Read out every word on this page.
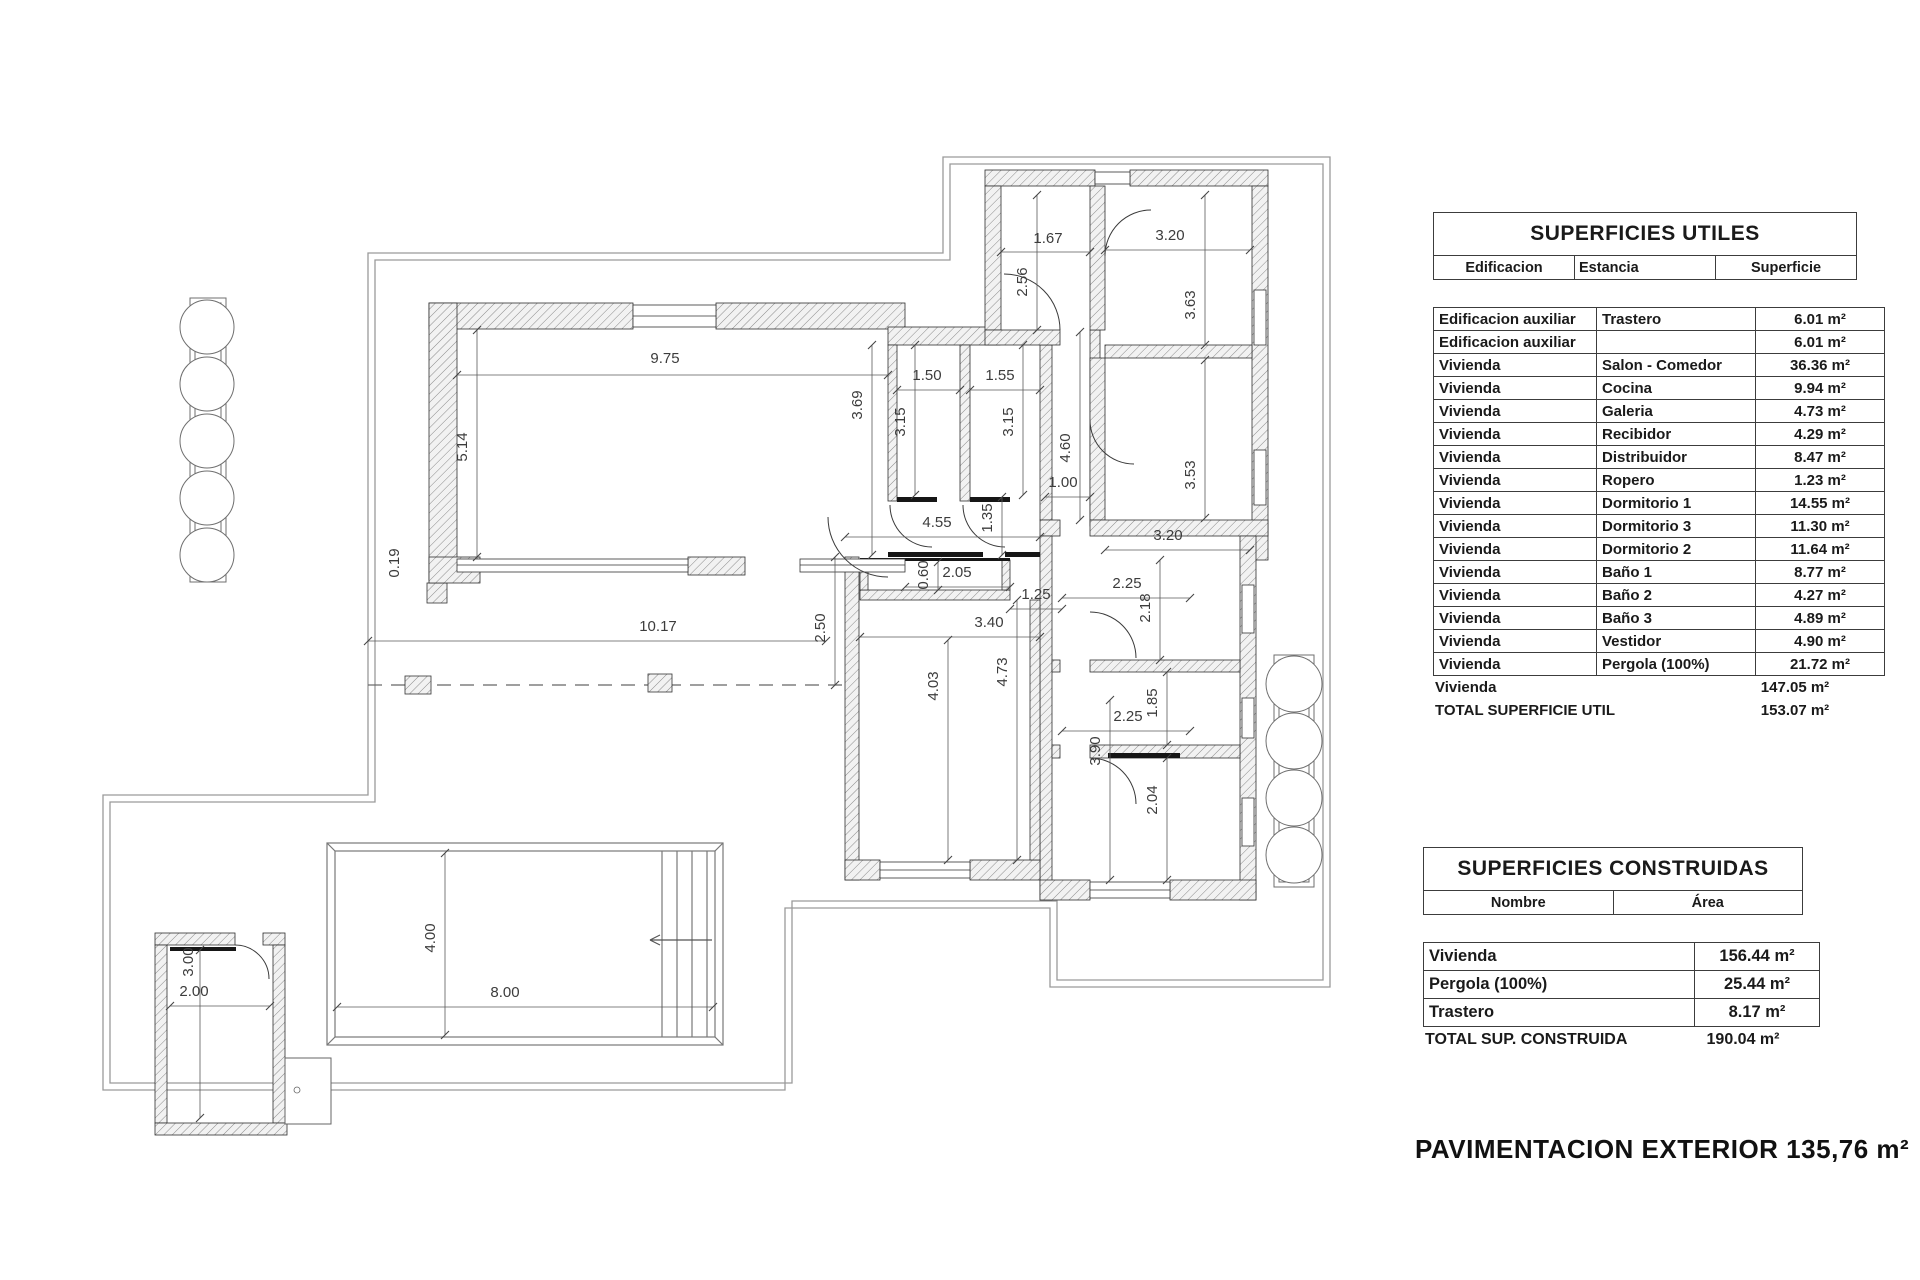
9.75
5.14
0.19
1.50
3.15
1.55
3.15
3.69
1.67
2.56
3.20
3.63
4.60
1.00	3.53
3.20
4.55 1.35
2.05
0.60
1.25
2.25
2.18
3.40
2.50
10.17
4.03	4.73
1.85
2.25
3.90
2.04
8.00
4.00
3.00
2.00
SUPERFICIES UTILES
Edificacion	Estancia	Superficie
Edificacion auxiliar	Trastero	6.01 m²
Edificacion auxiliar		6.01 m²
Vivienda	Salon - Comedor	36.36 m²
Vivienda	Cocina	9.94 m²
Vivienda	Galeria	4.73 m²
Vivienda	Recibidor	4.29 m²
Vivienda	Distribuidor	8.47 m²
Vivienda	Ropero	1.23 m²
Vivienda	Dormitorio 1	14.55 m²
Vivienda	Dormitorio 3	11.30 m²
Vivienda	Dormitorio 2	11.64 m²
Vivienda	Baño 1	8.77 m²
Vivienda	Baño 2	4.27 m²
Vivienda	Baño 3	4.89 m²
Vivienda	Vestidor	4.90 m²
Vivienda	Pergola (100%)	21.72 m²
Vivienda	147.05 m²
TOTAL SUPERFICIE UTIL	153.07 m²
SUPERFICIES CONSTRUIDAS
Nombre	Área
Vivienda	156.44 m²
Pergola (100%)	25.44 m²
Trastero	8.17 m²
TOTAL SUP. CONSTRUIDA	190.04 m²
PAVIMENTACION EXTERIOR 135,76 m²
